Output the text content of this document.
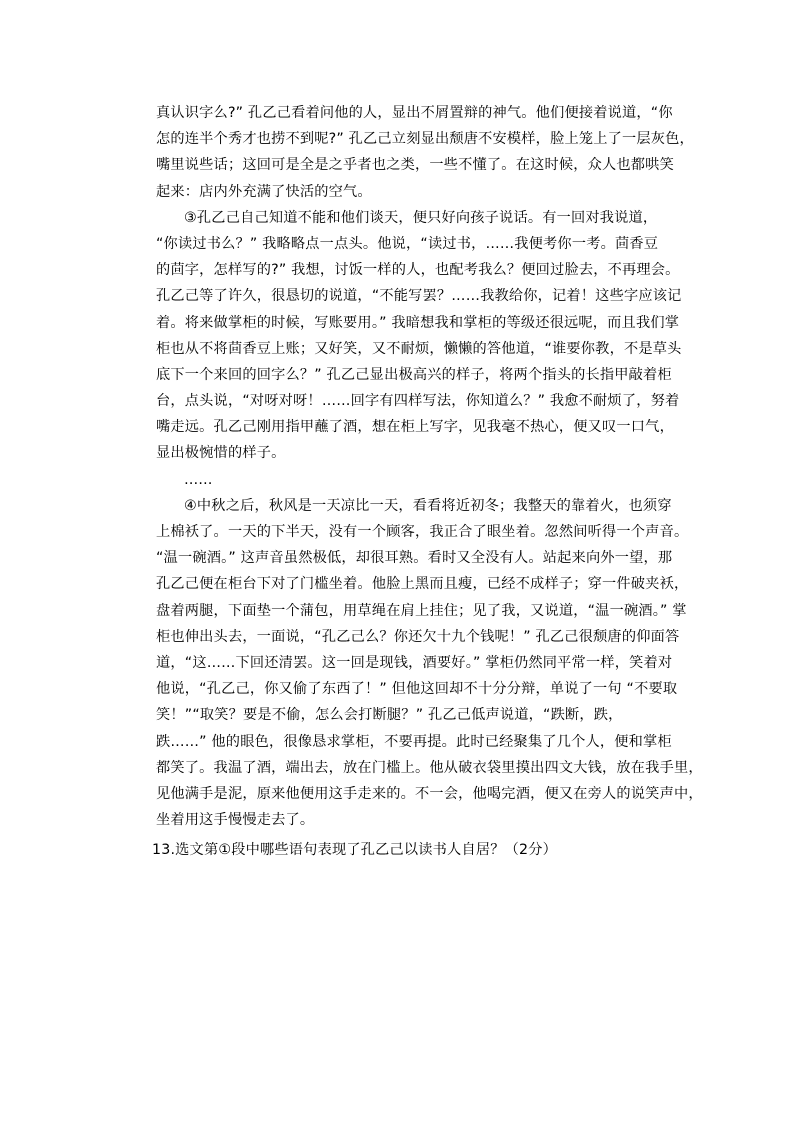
真认识字么?” 孔乙己看着问他的人，显出不屑置辩的神气。他们便接着说道，“你
怎的连半个秀才也捞不到呢?” 孔乙己立刻显出颓唐不安模样，脸上笼上了一层灰色，
嘴里说些话；这回可是全是之乎者也之类，一些不懂了。在这时候，众人也都哄笑
起来：店内外充满了快活的空气。
③孔乙己自己知道不能和他们谈天，便只好向孩子说话。有一回对我说道，
“你读过书么？” 我略略点一点头。他说，“读过书，……我便考你一考。茴香豆
的茴字，怎样写的?” 我想，讨饭一样的人，也配考我么？便回过脸去，不再理会。
孔乙己等了许久，很恳切的说道，“不能写罢？……我教给你，记着！这些字应该记
着。将来做掌柜的时候，写账要用。” 我暗想我和掌柜的等级还很远呢，而且我们掌
柜也从不将茴香豆上账；又好笑，又不耐烦，懒懒的答他道，“谁要你教，不是草头
底下一个来回的回字么？” 孔乙己显出极高兴的样子，将两个指头的长指甲敲着柜
台，点头说，“对呀对呀！……回字有四样写法，你知道么？” 我愈不耐烦了，努着
嘴走远。孔乙己刚用指甲蘸了酒，想在柜上写字，见我毫不热心，便又叹一口气，
显出极惋惜的样子。
……
④中秋之后，秋风是一天凉比一天，看看将近初冬；我整天的靠着火，也须穿
上棉袄了。一天的下半天，没有一个顾客，我正合了眼坐着。忽然间听得一个声音。
“温一碗酒。” 这声音虽然极低，却很耳熟。看时又全没有人。站起来向外一望，那
孔乙己便在柜台下对了门槛坐着。他脸上黑而且瘦，已经不成样子；穿一件破夹袄，
盘着两腿，下面垫一个蒲包，用草绳在肩上挂住；见了我，又说道，“温一碗酒。” 掌
柜也伸出头去，一面说，“孔乙己么？你还欠十九个钱呢！” 孔乙己很颓唐的仰面答
道，“这……下回还清罢。这一回是现钱，酒要好。” 掌柜仍然同平常一样，笑着对
他说，“孔乙己，你又偷了东西了！” 但他这回却不十分分辩，单说了一句 “不要取
笑！”“取笑？要是不偷，怎么会打断腿？” 孔乙己低声说道，“跌断，跌，
跌……” 他的眼色，很像恳求掌柜，不要再提。此时已经聚集了几个人，便和掌柜
都笑了。我温了酒，端出去，放在门槛上。他从破衣袋里摸出四文大钱，放在我手里，
见他满手是泥，原来他便用这手走来的。不一会，他喝完酒，便又在旁人的说笑声中，
坐着用这手慢慢走去了。
13.选文第①段中哪些语句表现了孔乙己以读书人自居？（2分）
